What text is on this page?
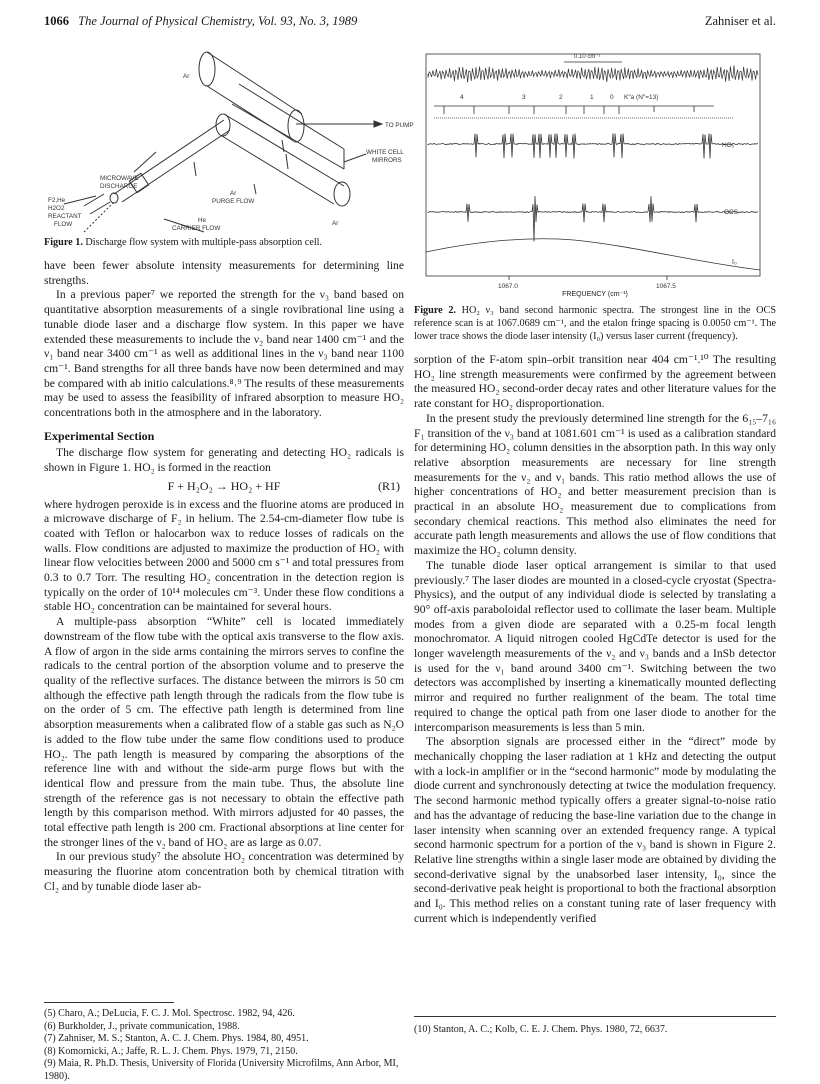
1066 The Journal of Physical Chemistry, Vol. 93, No. 3, 1989	Zahniser et al.
Ar
TO PUMP
WHITE CELL
MIRRORS
MICROWAVE
DISCHARGE
F2,He
Ar
PURGE FLOW
Ar
H2O2
REACTANT
FLOW
He
CARRIER FLOW
Figure 1. Discharge flow system with multiple-pass absorption cell.

have been fewer absolute intensity measurements for determining line strengths.

In a previous paper⁷ we reported the strength for the ν₃ band based on quantitative absorption measurements of a single rovibrational line using a tunable diode laser and a discharge flow system. In this paper we have extended these measurements to include the ν₂ band near 1400 cm⁻¹ and the ν₁ band near 3400 cm⁻¹ as well as additional lines in the ν₃ band near 1100 cm⁻¹. Band strengths for all three bands have now been determined and may be compared with ab initio calculations.⁸˒⁹ The results of these measurements may be used to assess the feasibility of infrared absorption to measure HO₂ concentrations both in the atmosphere and in the laboratory.

Experimental Section

The discharge flow system for generating and detecting HO₂ radicals is shown in Figure 1. HO₂ is formed in the reaction

F + H₂O₂ → HO₂ + HF	(R1)

where hydrogen peroxide is in excess and the fluorine atoms are produced in a microwave discharge of F₂ in helium. The 2.54-cm-diameter flow tube is coated with Teflon or halocarbon wax to reduce losses of radicals on the walls. Flow conditions are adjusted to maximize the production of HO₂ with linear flow velocities between 2000 and 5000 cm s⁻¹ and total pressures from 0.3 to 0.7 Torr. The resulting HO₂ concentration in the detection region is typically on the order of 10¹⁴ molecules cm⁻³. Under these flow conditions a stable HO₂ concentration can be maintained for several hours.

A multiple-pass absorption “White” cell is located immediately downstream of the flow tube with the optical axis transverse to the flow axis. A flow of argon in the side arms containing the mirrors serves to confine the radicals to the central portion of the absorption volume and to preserve the quality of the reflective surfaces. The distance between the mirrors is 50 cm although the effective path length through the radicals from the flow tube is on the order of 5 cm. The effective path length is determined from line absorption measurements when a calibrated flow of a stable gas such as N₂O is added to the flow tube under the same flow conditions used to produce HO₂. The path length is measured by comparing the absorptions of the reference line with and without the side-arm purge flows but with the identical flow and pressure from the main tube. Thus, the absolute line strength of the reference gas is not necessary to obtain the effective path length by this comparison method. With mirrors adjusted for 40 passes, the total effective path length is 200 cm. Fractional absorptions at line center for the stronger lines of the ν₂ band of HO₂ are as large as 0.07.

In our previous study⁷ the absolute HO₂ concentration was determined by measuring the fluorine atom concentration both by chemical titration with Cl₂ and by tunable diode laser ab-

(5) Charo, A.; DeLucia, F. C. J. Mol. Spectrosc. 1982, 94, 426.
(6) Burkholder, J., private communication, 1988.
(7) Zahniser, M. S.; Stanton, A. C. J. Chem. Phys. 1984, 80, 4951.
(8) Komornicki, A.; Jaffe, R. L. J. Chem. Phys. 1979, 71, 2150.
(9) Maia, R. Ph.D. Thesis, University of Florida (University Microfilms, Ann Arbor, MI, 1980).
0.10 cm⁻¹
4	3	2	1	0 K″a (N″=13)
HO₂
OCS
I₀
1067.0	1067.5
FREQUENCY (cm⁻¹)
Figure 2. HO₂ ν₃ band second harmonic spectra. The strongest line in the OCS reference scan is at 1067.0689 cm⁻¹, and the etalon fringe spacing is 0.0050 cm⁻¹. The lower trace shows the diode laser intensity (I₀) versus laser current (frequency).

sorption of the F-atom spin–orbit transition near 404 cm⁻¹.¹⁰ The resulting HO₂ line strength measurements were confirmed by the agreement between the measured HO₂ second-order decay rates and other literature values for the rate constant for HO₂ disproportionation.

In the present study the previously determined line strength for the 6₁₅–7₁₆ F₁ transition of the ν₃ band at 1081.601 cm⁻¹ is used as a calibration standard for determining HO₂ column densities in the absorption path. In this way only relative absorption measurements are necessary for line strength measurements for the ν₂ and ν₁ bands. This ratio method allows the use of higher concentrations of HO₂ and better measurement precision than is practical in an absolute HO₂ measurement due to complications from secondary chemical reactions. This method also eliminates the need for accurate path length measurements and allows the use of flow conditions that maximize the HO₂ column density.

The tunable diode laser optical arrangement is similar to that used previously.⁷ The laser diodes are mounted in a closed-cycle cryostat (Spectra-Physics), and the output of any individual diode is selected by translating a 90° off-axis paraboloidal reflector used to collimate the laser beam. Multiple modes from a given diode are separated with a 0.25-m focal length monochromator. A liquid nitrogen cooled HgCdTe detector is used for the longer wavelength measurements of the ν₂ and ν₃ bands and a InSb detector is used for the ν₁ band around 3400 cm⁻¹. Switching between the two detectors was accomplished by inserting a kinematically mounted deflecting mirror and required no further realignment of the beam. The total time required to change the optical path from one laser diode to another for the intercomparison measurements is less than 5 min.

The absorption signals are processed either in the “direct” mode by mechanically chopping the laser radiation at 1 kHz and detecting the output with a lock-in amplifier or in the “second harmonic” mode by modulating the diode current and synchronously detecting at twice the modulation frequency. The second harmonic method typically offers a greater signal-to-noise ratio and has the advantage of reducing the base-line variation due to the change in laser intensity when scanning over an extended frequency range. A typical second harmonic spectrum for a portion of the ν₃ band is shown in Figure 2. Relative line strengths within a single laser mode are obtained by dividing the second-derivative signal by the unabsorbed laser intensity, I₀, since the second-derivative peak height is proportional to both the fractional absorption and I₀. This method relies on a constant tuning rate of laser frequency with current which is independently verified

(10) Stanton, A. C.; Kolb, C. E. J. Chem. Phys. 1980, 72, 6637.
